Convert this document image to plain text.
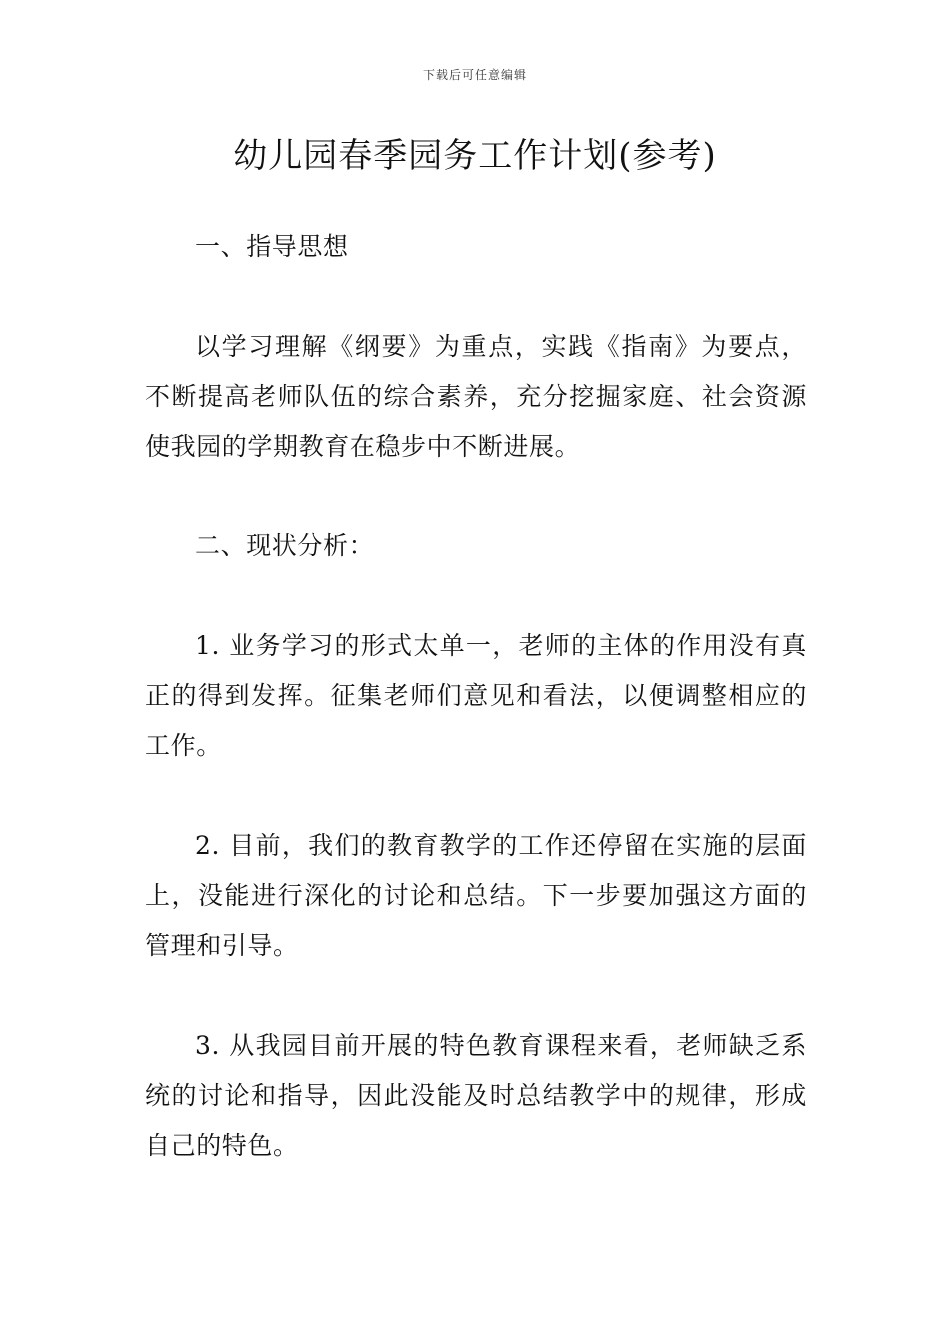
下载后可任意编辑
幼儿园春季园务工作计划(参考)

一、指导思想

以学习理解《纲要》为重点，实践《指南》为要点，不断提高老师队伍的综合素养，充分挖掘家庭、社会资源使我园的学期教育在稳步中不断进展。

二、现状分析：

1. 业务学习的形式太单一，老师的主体的作用没有真正的得到发挥。征集老师们意见和看法，以便调整相应的工作。

2. 目前，我们的教育教学的工作还停留在实施的层面上，没能进行深化的讨论和总结。下一步要加强这方面的管理和引导。

3. 从我园目前开展的特色教育课程来看，老师缺乏系统的讨论和指导，因此没能及时总结教学中的规律，形成自己的特色。
